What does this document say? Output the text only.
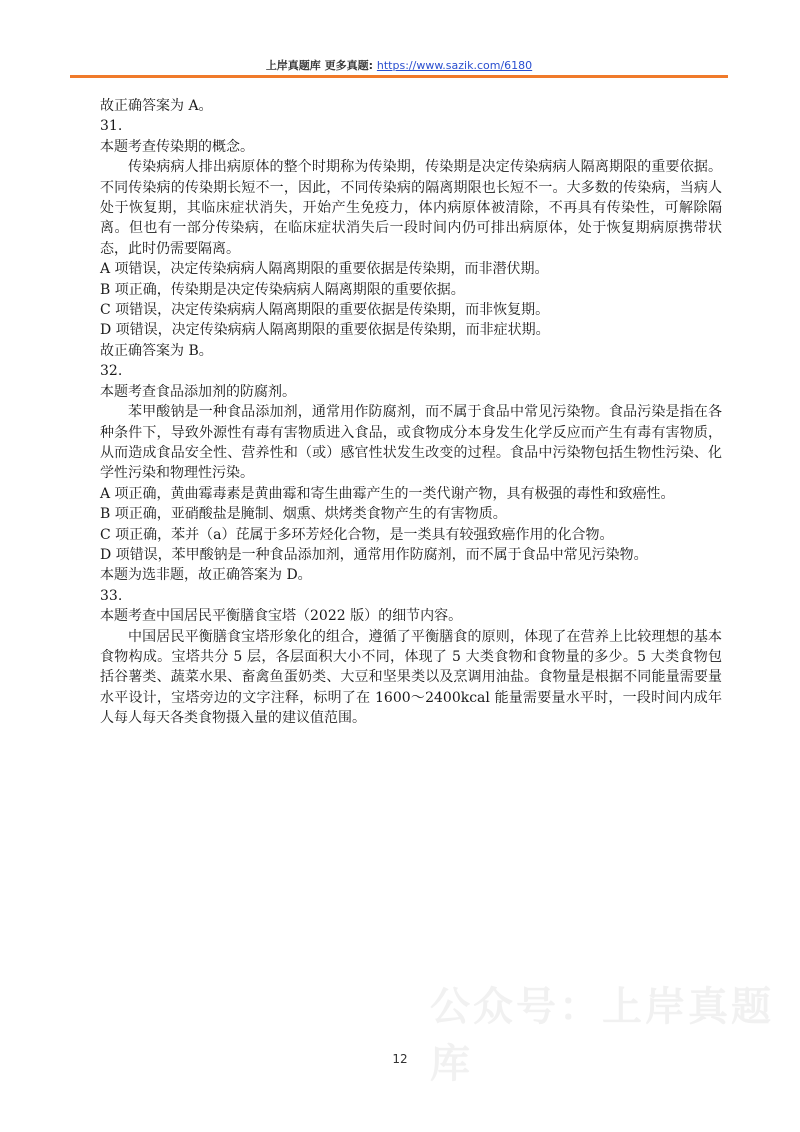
上岸真题库 更多真题: https://www.sazik.com/6180

故正确答案为 A。

31.

本题考查传染期的概念。

传染病病人排出病原体的整个时期称为传染期，传染期是决定传染病病人隔离期限的重要依据。不同传染病的传染期长短不一，因此，不同传染病的隔离期限也长短不一。大多数的传染病，当病人处于恢复期，其临床症状消失，开始产生免疫力，体内病原体被清除，不再具有传染性，可解除隔离。但也有一部分传染病，在临床症状消失后一段时间内仍可排出病原体，处于恢复期病原携带状态，此时仍需要隔离。

A 项错误，决定传染病病人隔离期限的重要依据是传染期，而非潜伏期。

B 项正确，传染期是决定传染病病人隔离期限的重要依据。

C 项错误，决定传染病病人隔离期限的重要依据是传染期，而非恢复期。

D 项错误，决定传染病病人隔离期限的重要依据是传染期，而非症状期。

故正确答案为 B。

32.

本题考查食品添加剂的防腐剂。

苯甲酸钠是一种食品添加剂，通常用作防腐剂，而不属于食品中常见污染物。食品污染是指在各种条件下，导致外源性有毒有害物质进入食品，或食物成分本身发生化学反应而产生有毒有害物质，从而造成食品安全性、营养性和（或）感官性状发生改变的过程。食品中污染物包括生物性污染、化学性污染和物理性污染。

A 项正确，黄曲霉毒素是黄曲霉和寄生曲霉产生的一类代谢产物，具有极强的毒性和致癌性。

B 项正确，亚硝酸盐是腌制、烟熏、烘烤类食物产生的有害物质。

C 项正确，苯并（a）芘属于多环芳烃化合物，是一类具有较强致癌作用的化合物。

D 项错误，苯甲酸钠是一种食品添加剂，通常用作防腐剂，而不属于食品中常见污染物。

本题为选非题，故正确答案为 D。

33.

本题考查中国居民平衡膳食宝塔（2022 版）的细节内容。

中国居民平衡膳食宝塔形象化的组合，遵循了平衡膳食的原则，体现了在营养上比较理想的基本食物构成。宝塔共分 5 层，各层面积大小不同，体现了 5 大类食物和食物量的多少。5 大类食物包括谷薯类、蔬菜水果、畜禽鱼蛋奶类、大豆和坚果类以及烹调用油盐。食物量是根据不同能量需要量水平设计，宝塔旁边的文字注释，标明了在 1600～2400kcal 能量需要量水平时，一段时间内成年人每人每天各类食物摄入量的建议值范围。

公众号：上岸真题库
12
